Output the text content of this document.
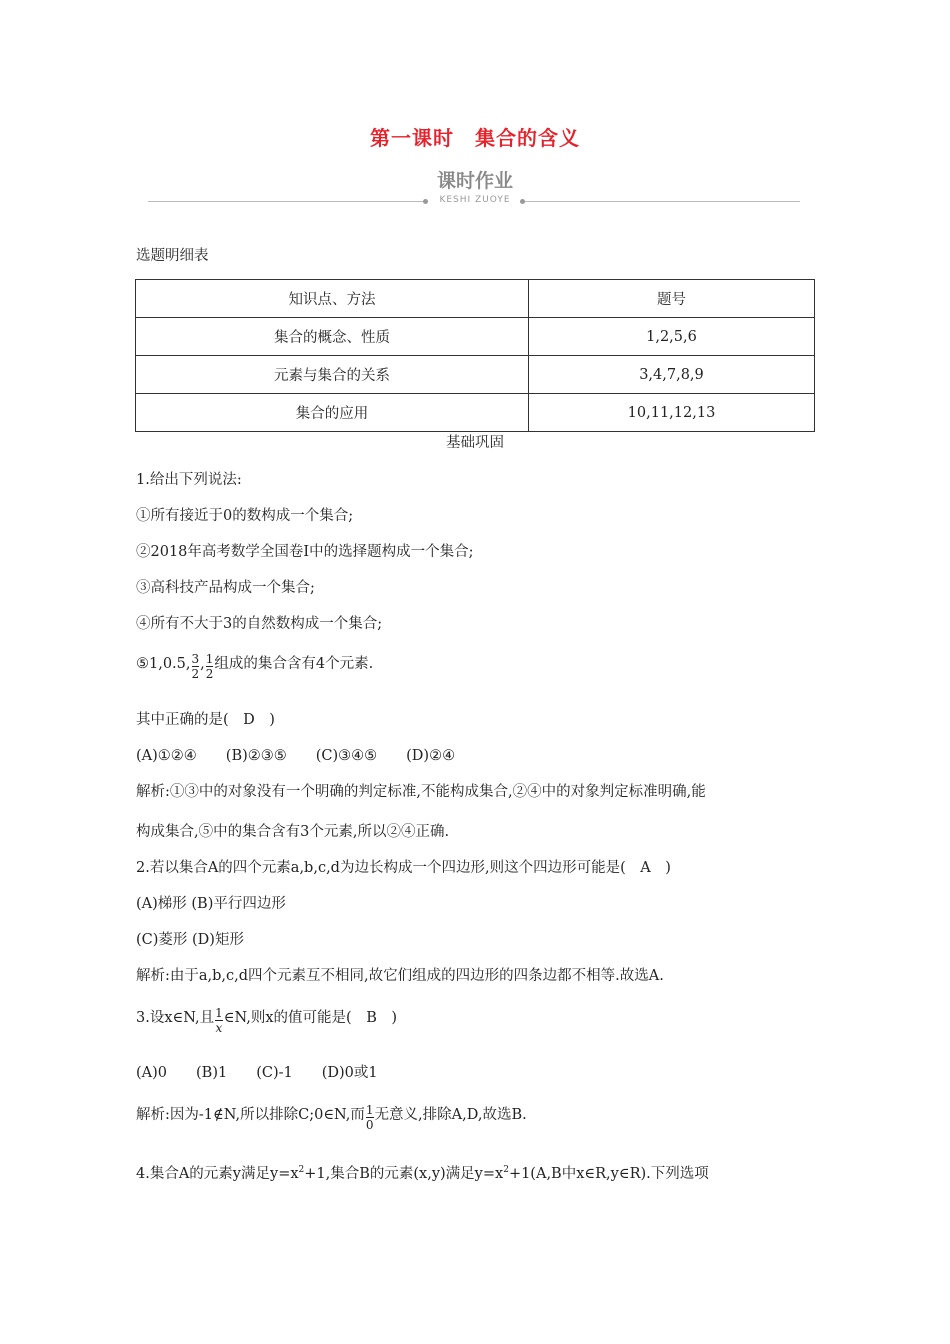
第一课时　集合的含义
课时作业
KESHI ZUOYE
选题明细表
知识点、方法	题号
集合的概念、性质	1,2,5,6
元素与集合的关系	3,4,7,8,9
集合的应用	10,11,12,13
基础巩固
1.给出下列说法:
①所有接近于0的数构成一个集合;
②2018年高考数学全国卷Ⅰ中的选择题构成一个集合;
③高科技产品构成一个集合;
④所有不大于3的自然数构成一个集合;
⑤1,0.5, $\frac{3}{2}$ , $\frac{1}{2}$ 组成的集合含有4个元素.
其中正确的是(　D　)
(A)①②④　　(B)②③⑤　　(C)③④⑤　　(D)②④
解析:①③中的对象没有一个明确的判定标准,不能构成集合,②④中的对象判定标准明确,能
构成集合,⑤中的集合含有3个元素,所以②④正确.
2.若以集合A的四个元素a,b,c,d为边长构成一个四边形,则这个四边形可能是(　A　)
(A)梯形 (B)平行四边形
(C)菱形 (D)矩形
解析:由于a,b,c,d四个元素互不相同,故它们组成的四边形的四条边都不相等.故选A.
3.设x∈N,且 $\frac{1}{x}$ ∈N,则x的值可能是(　B　)
(A)0　　(B)1　　(C)-1　　(D)0或1
解析:因为-1∉N,所以排除C;0∈N,而 $\frac{1}{0}$ 无意义,排除A,D,故选B.
4.集合A的元素y满足$y=x^2+1$,集合B的元素(x,y)满足$y=x^2+1(A,B$中x∈R,y∈R).下列选项
